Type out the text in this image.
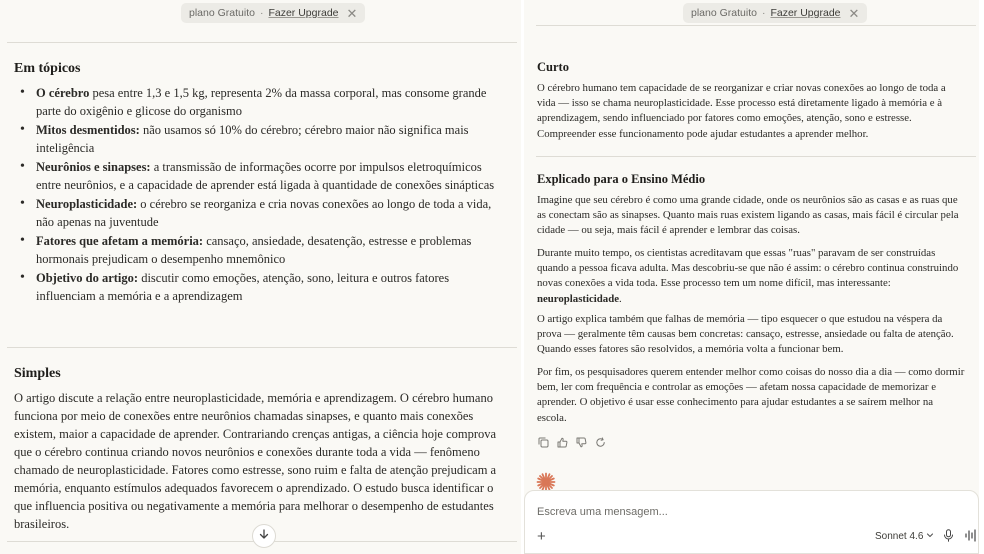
plano Gratuito · Fazer Upgrade ✕
Em tópicos
• O cérebro pesa entre 1,3 e 1,5 kg, representa 2% da massa corporal, mas consome grande parte do oxigênio e glicose do organismo
• Mitos desmentidos: não usamos só 10% do cérebro; cérebro maior não significa mais inteligência
• Neurônios e sinapses: a transmissão de informações ocorre por impulsos eletroquímicos entre neurônios, e a capacidade de aprender está ligada à quantidade de conexões sinápticas
• Neuroplasticidade: o cérebro se reorganiza e cria novas conexões ao longo de toda a vida, não apenas na juventude
• Fatores que afetam a memória: cansaço, ansiedade, desatenção, estresse e problemas hormonais prejudicam o desempenho mnemônico
• Objetivo do artigo: discutir como emoções, atenção, sono, leitura e outros fatores influenciam a memória e a aprendizagem
Simples
O artigo discute a relação entre neuroplasticidade, memória e aprendizagem. O cérebro humano funciona por meio de conexões entre neurônios chamadas sinapses, e quanto mais conexões existem, maior a capacidade de aprender. Contrariando crenças antigas, a ciência hoje comprova que o cérebro continua criando novos neurônios e conexões durante toda a vida — fenômeno chamado de neuroplasticidade. Fatores como estresse, sono ruim e falta de atenção prejudicam a memória, enquanto estímulos adequados favorecem o aprendizado. O estudo busca identificar o que influencia positiva ou negativamente a memória para melhorar o desempenho de estudantes brasileiros.
plano Gratuito · Fazer Upgrade ✕
Curto
O cérebro humano tem capacidade de se reorganizar e criar novas conexões ao longo de toda a vida — isso se chama neuroplasticidade. Esse processo está diretamente ligado à memória e à aprendizagem, sendo influenciado por fatores como emoções, atenção, sono e estresse. Compreender esse funcionamento pode ajudar estudantes a aprender melhor.
Explicado para o Ensino Médio
Imagine que seu cérebro é como uma grande cidade, onde os neurônios são as casas e as ruas que as conectam são as sinapses. Quanto mais ruas existem ligando as casas, mais fácil é circular pela cidade — ou seja, mais fácil é aprender e lembrar das coisas.
Durante muito tempo, os cientistas acreditavam que essas "ruas" paravam de ser construídas quando a pessoa ficava adulta. Mas descobriu-se que não é assim: o cérebro continua construindo novas conexões a vida toda. Esse processo tem um nome difícil, mas interessante: neuroplasticidade.
O artigo explica também que falhas de memória — tipo esquecer o que estudou na véspera da prova — geralmente têm causas bem concretas: cansaço, estresse, ansiedade ou falta de atenção. Quando esses fatores são resolvidos, a memória volta a funcionar bem.
Por fim, os pesquisadores querem entender melhor como coisas do nosso dia a dia — como dormir bem, ler com frequência e controlar as emoções — afetam nossa capacidade de memorizar e aprender. O objetivo é usar esse conhecimento para ajudar estudantes a se saírem melhor na escola.
Escreva uma mensagem...
+	Sonnet 4.6
